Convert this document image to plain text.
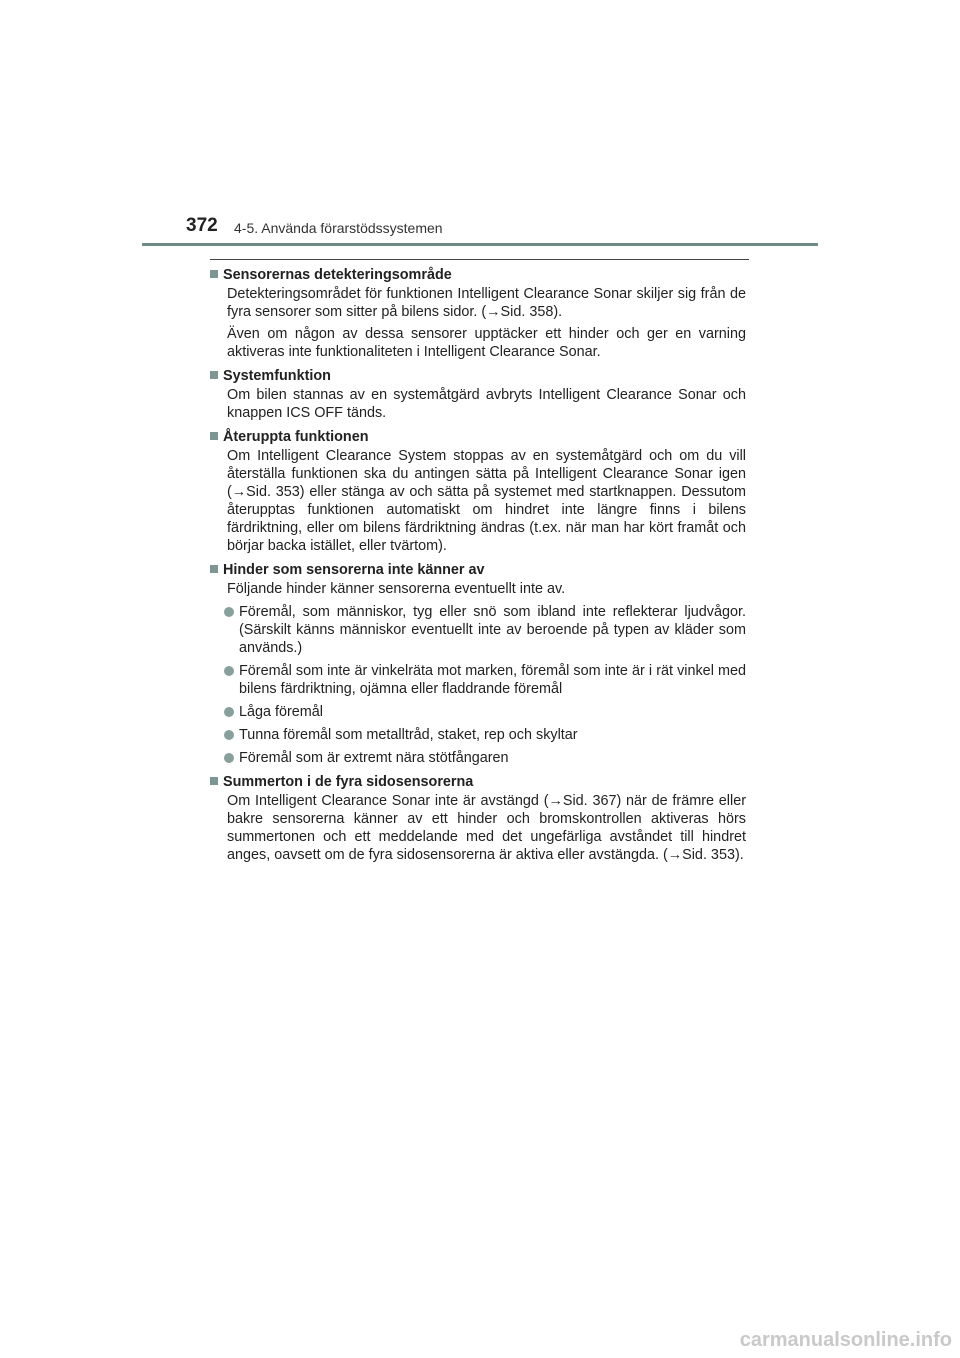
372 4-5. Använda förarstödssystemen
Sensorernas detekteringsområde

Detekteringsområdet för funktionen Intelligent Clearance Sonar skiljer sig från de fyra sensorer som sitter på bilens sidor. (→Sid. 358).

Även om någon av dessa sensorer upptäcker ett hinder och ger en varning aktiveras inte funktionaliteten i Intelligent Clearance Sonar.

Systemfunktion

Om bilen stannas av en systemåtgärd avbryts Intelligent Clearance Sonar och knappen ICS OFF tänds.

Återuppta funktionen

Om Intelligent Clearance System stoppas av en systemåtgärd och om du vill återställa funktionen ska du antingen sätta på Intelligent Clearance Sonar igen (→Sid. 353) eller stänga av och sätta på systemet med startknappen. Dessutom återupptas funktionen automatiskt om hindret inte längre finns i bilens färdriktning, eller om bilens färdriktning ändras (t.ex. när man har kört framåt och börjar backa istället, eller tvärtom).

Hinder som sensorerna inte känner av

Följande hinder känner sensorerna eventuellt inte av.

Föremål, som människor, tyg eller snö som ibland inte reflekterar ljudvågor. (Särskilt känns människor eventuellt inte av beroende på typen av kläder som används.)
Föremål som inte är vinkelräta mot marken, föremål som inte är i rät vinkel med bilens färdriktning, ojämna eller fladdrande föremål
Låga föremål
Tunna föremål som metalltråd, staket, rep och skyltar
Föremål som är extremt nära stötfångaren
Summerton i de fyra sidosensorerna

Om Intelligent Clearance Sonar inte är avstängd (→Sid. 367) när de främre eller bakre sensorerna känner av ett hinder och bromskontrollen aktiveras hörs summertonen och ett meddelande med det ungefärliga avståndet till hindret anges, oavsett om de fyra sidosensorerna är aktiva eller avstängda. (→Sid. 353).

carmanualsonline.info
